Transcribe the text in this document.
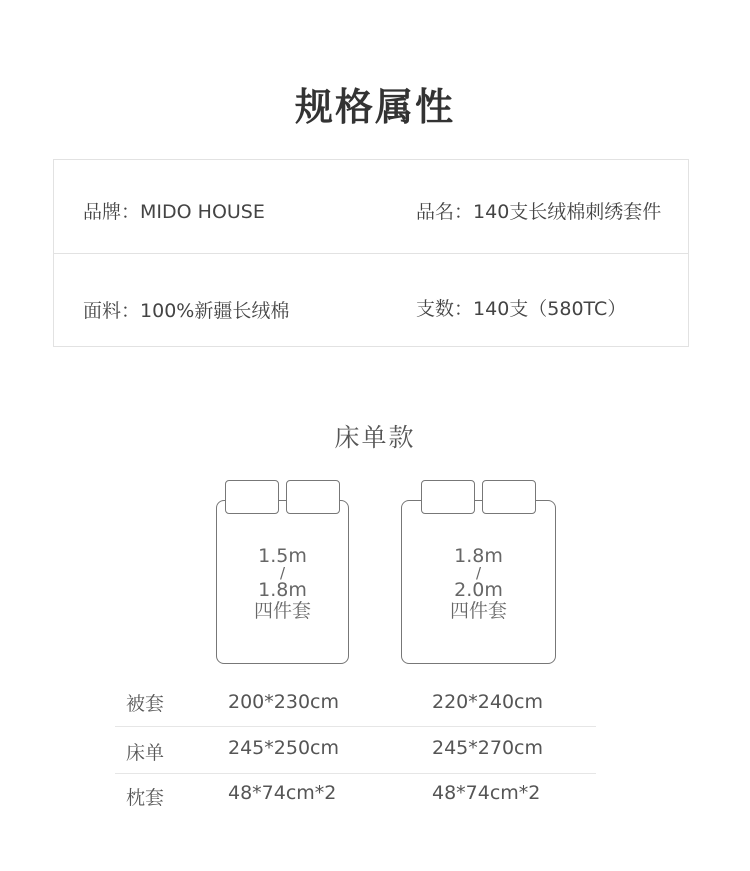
规格属性
品牌 ： MIDO HOUSE	品名 ： 140支长绒棉刺绣套件
面料 ： 100%新疆长绒棉	支数 ： 140支（580TC）
床单款
1.5m
/
1.8m
四件套
1.8m
/
2.0m
四件套
被套	200*230cm	220*240cm
床单	245*250cm	245*270cm
枕套	48*74cm*2	48*74cm*2
